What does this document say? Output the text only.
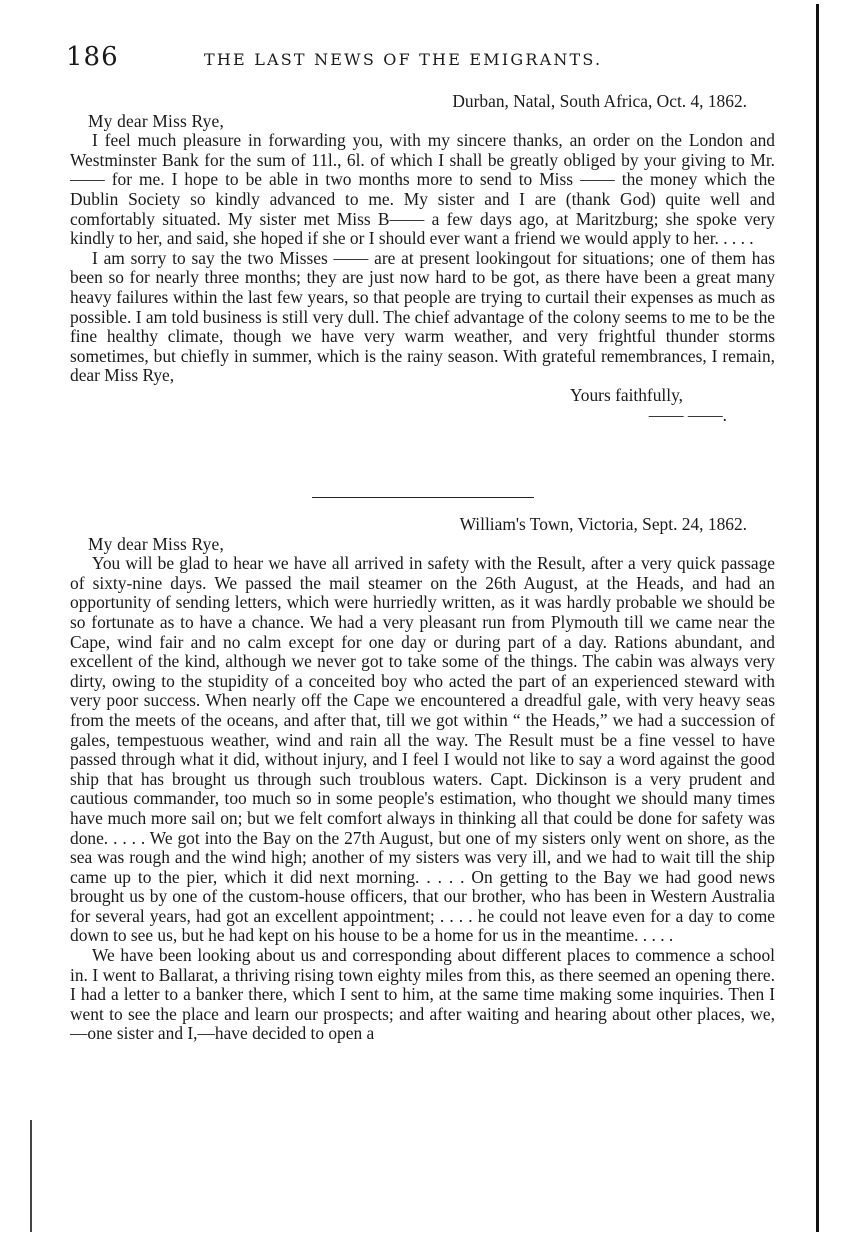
186	THE LAST NEWS OF THE EMIGRANTS.
Durban, Natal, South Africa, Oct. 4, 1862.
My dear Miss Rye,

I feel much pleasure in forwarding you, with my sincere thanks, an order on the London and Westminster Bank for the sum of 11l., 6l. of which I shall be greatly obliged by your giving to Mr. —— for me. I hope to be able in two months more to send to Miss —— the money which the Dublin Society so kindly advanced to me. My sister and I are (thank God) quite well and comfortably situated. My sister met Miss B—— a few days ago, at Maritzburg; she spoke very kindly to her, and said, she hoped if she or I should ever want a friend we would apply to her. . . . .

I am sorry to say the two Misses —— are at present lookingout for situations; one of them has been so for nearly three months; they are just now hard to be got, as there have been a great many heavy failures within the last few years, so that people are trying to curtail their expenses as much as possible. I am told business is still very dull. The chief advantage of the colony seems to me to be the fine healthy climate, though we have very warm weather, and very frightful thunder storms sometimes, but chiefly in summer, which is the rainy season. With grateful remembrances, I remain, dear Miss Rye,

Yours faithfully,
—— ——.
William's Town, Victoria, Sept. 24, 1862.
My dear Miss Rye,

You will be glad to hear we have all arrived in safety with the Result, after a very quick passage of sixty-nine days. We passed the mail steamer on the 26th August, at the Heads, and had an opportunity of sending letters, which were hurriedly written, as it was hardly probable we should be so fortunate as to have a chance. We had a very pleasant run from Plymouth till we came near the Cape, wind fair and no calm except for one day or during part of a day. Rations abundant, and excellent of the kind, although we never got to take some of the things. The cabin was always very dirty, owing to the stupidity of a conceited boy who acted the part of an experienced steward with very poor success. When nearly off the Cape we encountered a dreadful gale, with very heavy seas from the meets of the oceans, and after that, till we got within “ the Heads,” we had a succession of gales, tempestuous weather, wind and rain all the way. The Result must be a fine vessel to have passed through what it did, without injury, and I feel I would not like to say a word against the good ship that has brought us through such troublous waters. Capt. Dickinson is a very prudent and cautious commander, too much so in some people's estimation, who thought we should many times have much more sail on; but we felt comfort always in thinking all that could be done for safety was done. . . . . We got into the Bay on the 27th August, but one of my sisters only went on shore, as the sea was rough and the wind high; another of my sisters was very ill, and we had to wait till the ship came up to the pier, which it did next morning. . . . . On getting to the Bay we had good news brought us by one of the custom-house officers, that our brother, who has been in Western Australia for several years, had got an excellent appointment; . . . . he could not leave even for a day to come down to see us, but he had kept on his house to be a home for us in the meantime. . . . .

We have been looking about us and corresponding about different places to commence a school in. I went to Ballarat, a thriving rising town eighty miles from this, as there seemed an opening there. I had a letter to a banker there, which I sent to him, at the same time making some inquiries. Then I went to see the place and learn our prospects; and after waiting and hearing about other places, we,—one sister and I,—have decided to open a
